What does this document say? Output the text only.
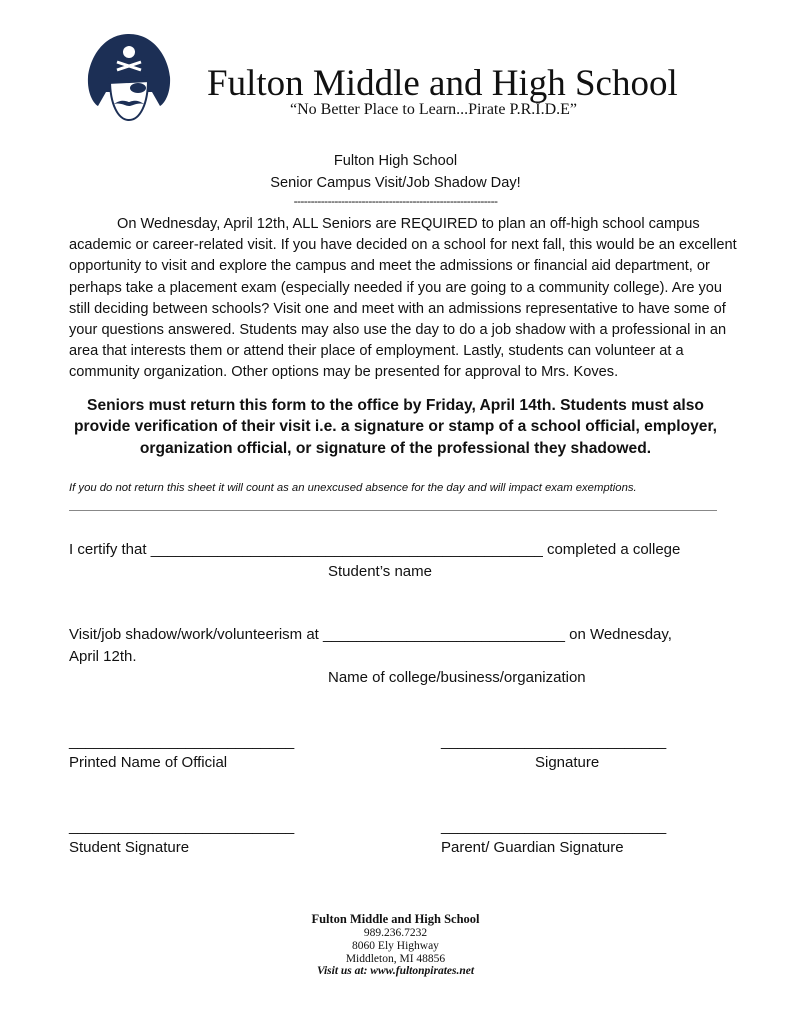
Fulton Middle and High School
“No Better Place to Learn...Pirate P.R.I.D.E”
Fulton High School
Senior Campus Visit/Job Shadow Day!
------------------------------------------------------------
On Wednesday, April 12th, ALL Seniors are REQUIRED to plan an off-high school campus
academic or career-related visit. If you have decided on a school for next fall, this would be an excellent
opportunity to visit and explore the campus and meet the admissions or financial aid department, or
perhaps take a placement exam (especially needed if you are going to a community college). Are you
still deciding between schools? Visit one and meet with an admissions representative to have some of
your questions answered. Students may also use the day to do a job shadow with a professional in an
area that interests them or attend their place of employment. Lastly, students can volunteer at a
community organization. Other options may be presented for approval to Mrs. Koves.
Seniors must return this form to the office by Friday, April 14th. Students must also
provide verification of their visit i.e. a signature or stamp of a school official, employer,
organization official, or signature of the professional they shadowed.
If you do not return this sheet it will count as an unexcused absence for the day and will impact exam exemptions.
I certify that _______________________________________________ completed a college
Student’s name
Visit/job shadow/work/volunteerism at _____________________________ on Wednesday,
April 12th.
Name of college/business/organization
___________________________	___________________________
Printed Name of Official	Signature
___________________________	___________________________
Student Signature	Parent/ Guardian Signature
Fulton Middle and High School
989.236.7232
8060 Ely Highway
Middleton, MI 48856
Visit us at: www.fultonpirates.net
